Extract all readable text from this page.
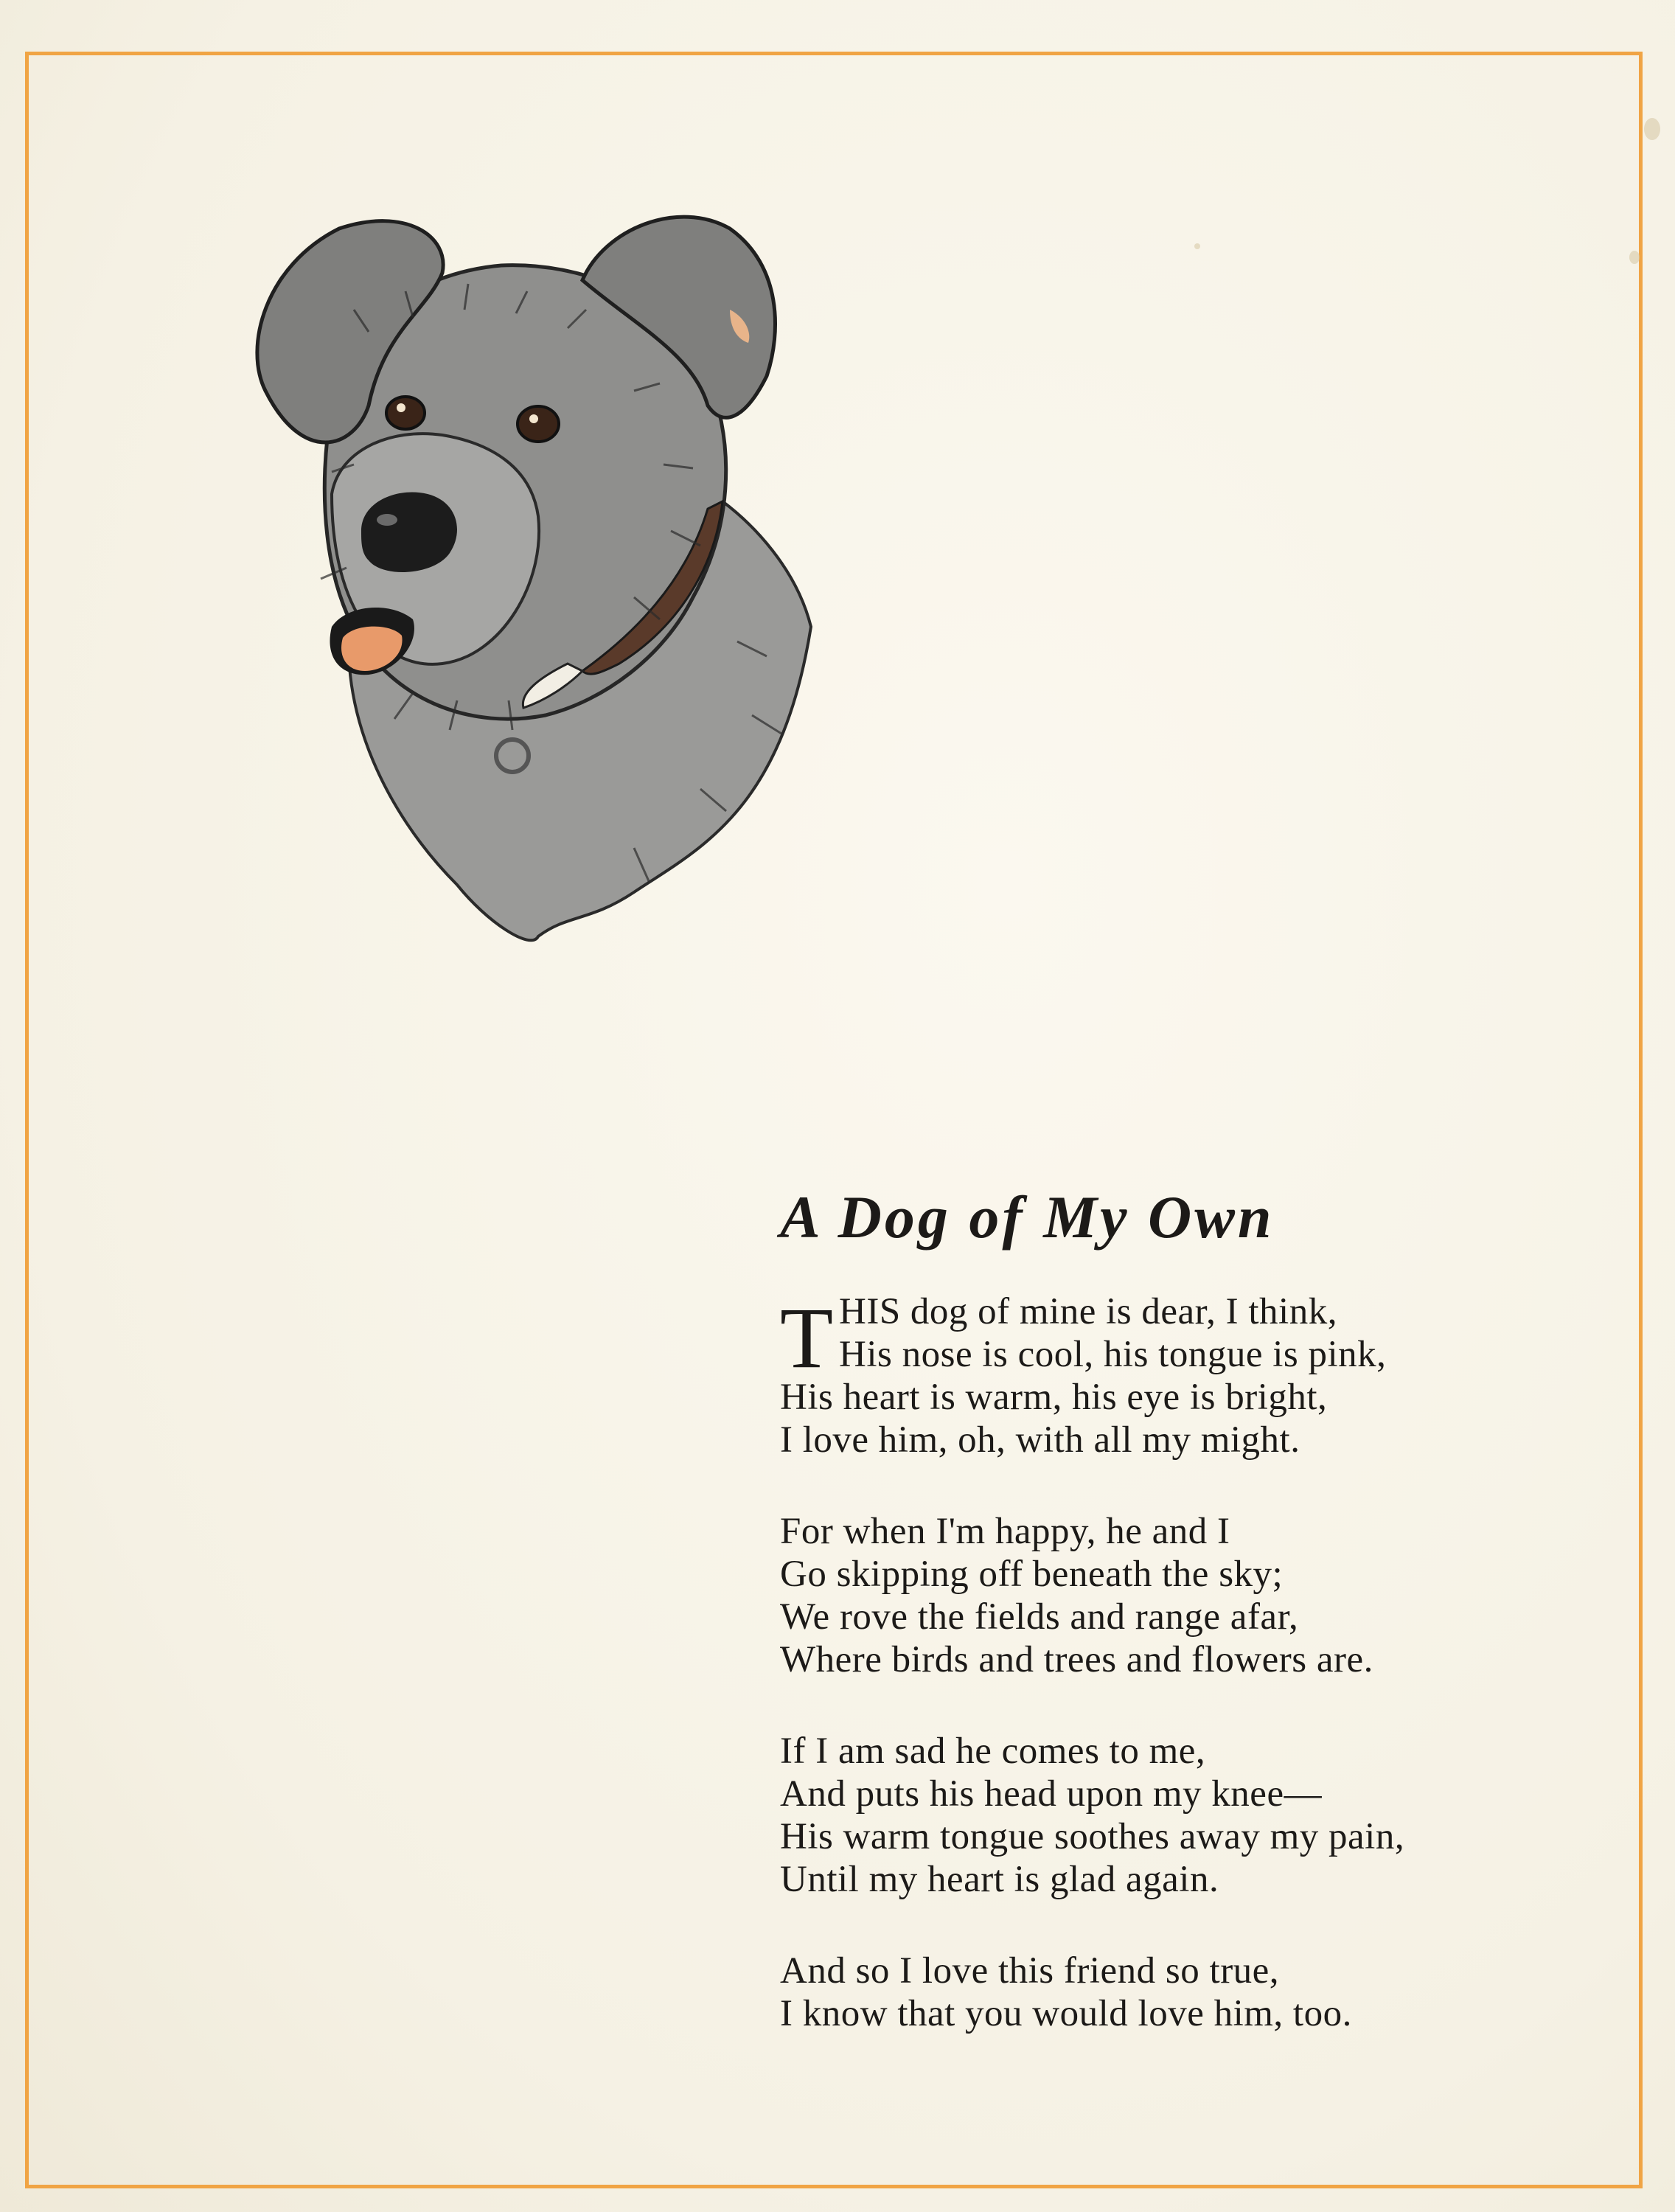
A Dog of My Own
T HIS dog of mine is dear, I think,
His nose is cool, his tongue is pink,
His heart is warm, his eye is bright,
I love him, oh, with all my might.
For when I'm happy, he and I
Go skipping off beneath the sky;
We rove the fields and range afar,
Where birds and trees and flowers are.
If I am sad he comes to me,
And puts his head upon my knee—
His warm tongue soothes away my pain,
Until my heart is glad again.
And so I love this friend so true,
I know that you would love him, too.
